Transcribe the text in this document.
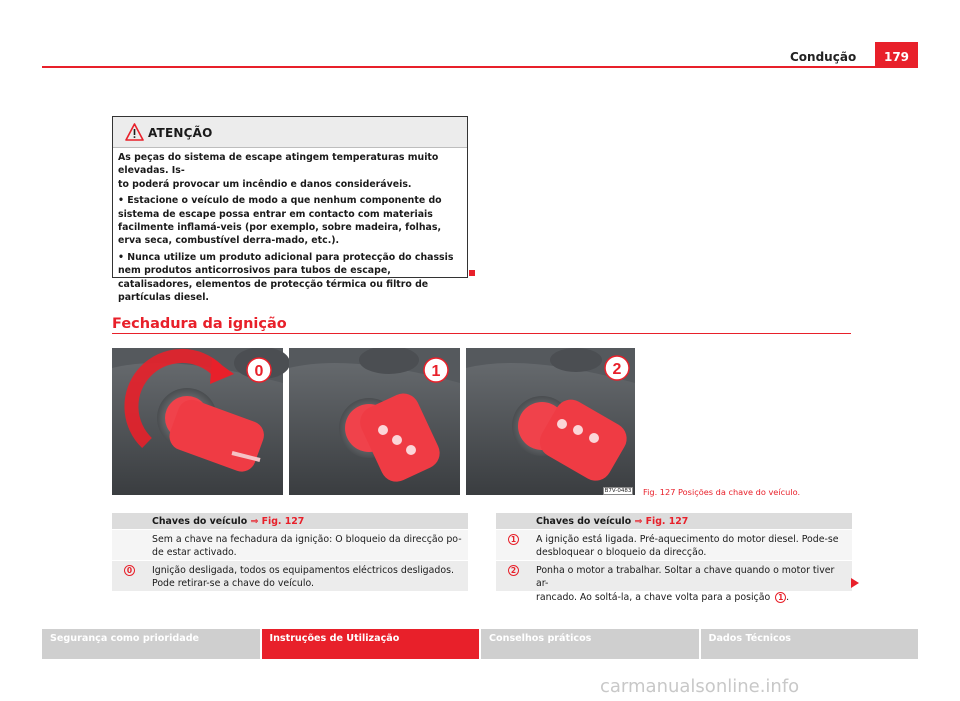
Condução	179
ATENÇÃO

As peças do sistema de escape atingem temperaturas muito elevadas. Is-
to poderá provocar um incêndio e danos consideráveis.

• Estacione o veículo de modo a que nenhum componente do sistema de escape possa entrar em contacto com materiais facilmente inflamá-veis (por exemplo, sobre madeira, folhas, erva seca, combustível derra-mado, etc.).

• Nunca utilize um produto adicional para protecção do chassis nem produtos anticorrosivos para tubos de escape, catalisadores, elementos de protecção térmica ou filtro de partículas diesel.

Fechadura da ignição
0	1	2
B7V-0483 Fig. 127 Posições da chave do veículo.
Chaves do veículo ⇒ Fig. 127
Sem a chave na fechadura da ignição: O bloqueio da direcção po-
de estar activado.
0	Ignição desligada, todos os equipamentos eléctricos desligados.
Pode retirar-se a chave do veículo.
Chaves do veículo ⇒ Fig. 127
1	A ignição está ligada. Pré-aquecimento do motor diesel. Pode-se
desbloquear o bloqueio da direcção.
2	Ponha o motor a trabalhar. Soltar a chave quando o motor tiver ar-
rancado. Ao soltá-la, a chave volta para a posição 1 .
Segurança como prioridade	Instruções de Utilização	Conselhos práticos	Dados Técnicos
carmanualsonline.info
